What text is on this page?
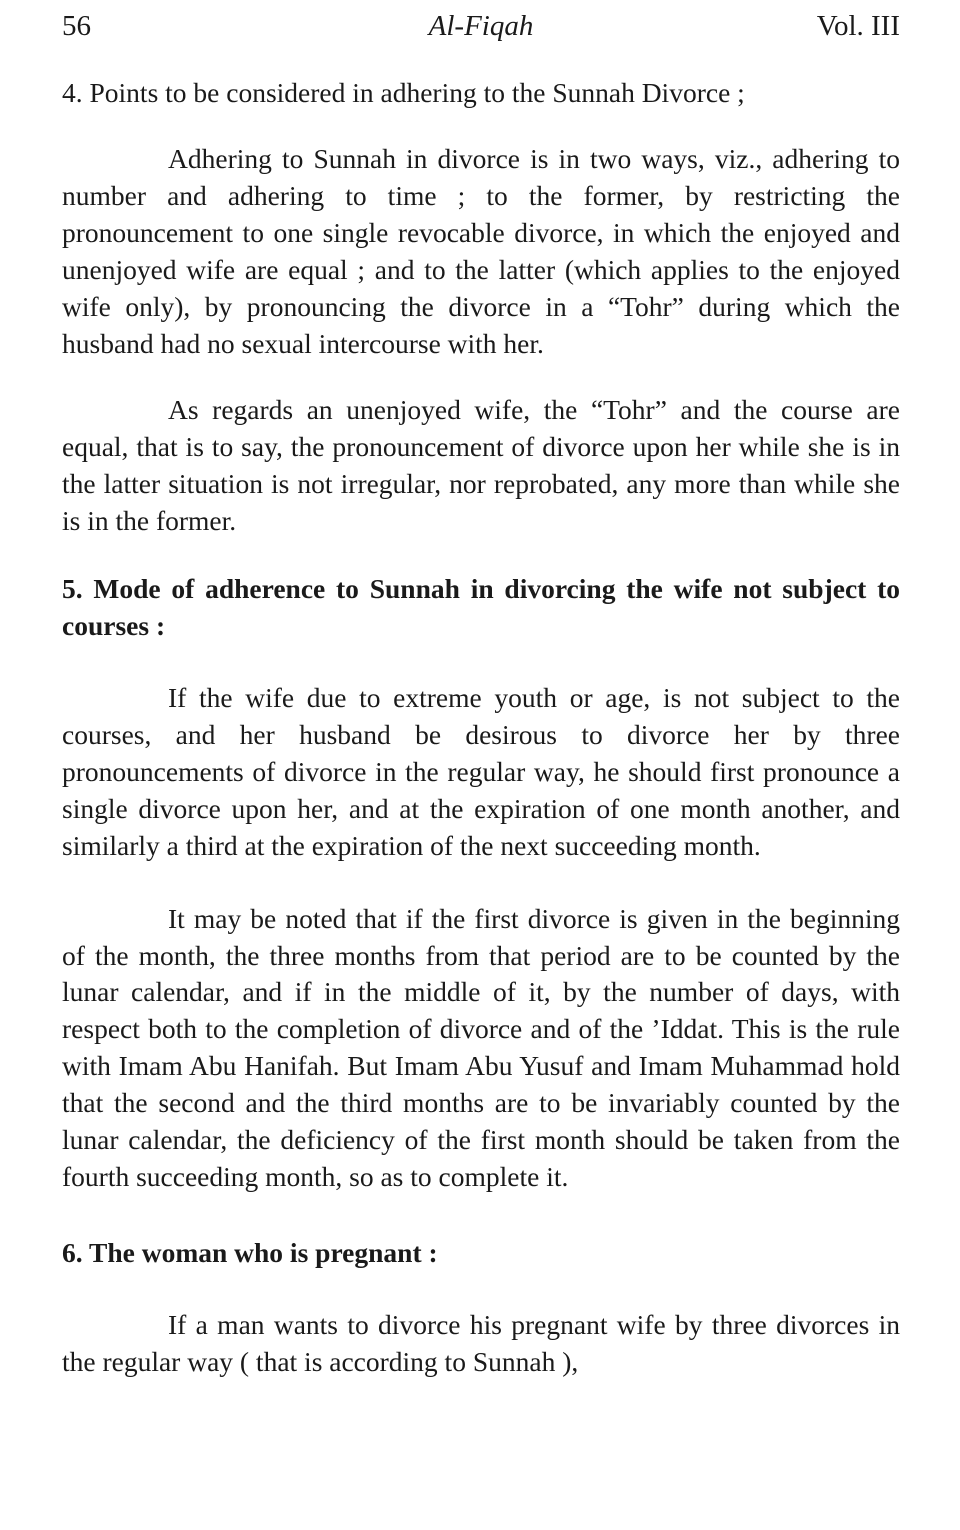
56	Al-Fiqah	Vol. III
4. Points to be considered in adhering to the Sunnah Divorce ;

Adhering to Sunnah in divorce is in two ways, viz., adhering to number and adhering to time ; to the former, by restricting the pronouncement to one single revocable divorce, in which the enjoyed and unenjoyed wife are equal ; and to the latter (which applies to the enjoyed wife only), by pronouncing the divorce in a “Tohr” during which the husband had no sexual intercourse with her.

As regards an unenjoyed wife, the “Tohr” and the course are equal, that is to say, the pronouncement of divorce upon her while she is in the latter situation is not irregular, nor reprobated, any more than while she is in the former.

5. Mode of adherence to Sunnah in divorcing the wife not subject to courses :

If the wife due to extreme youth or age, is not subject to the courses, and her husband be desirous to divorce her by three pronouncements of divorce in the regular way, he should first pronounce a single divorce upon her, and at the expiration of one month another, and similarly a third at the expiration of the next succeeding month.

It may be noted that if the first divorce is given in the beginning of the month, the three months from that period are to be counted by the lunar calendar, and if in the middle of it, by the number of days, with respect both to the completion of divorce and of the ’Iddat. This is the rule with Imam Abu Hanifah. But Imam Abu Yusuf and Imam Muhammad hold that the second and the third months are to be invariably counted by the lunar calendar, the deficiency of the first month should be taken from the fourth succeeding month, so as to complete it.

6. The woman who is pregnant :

If a man wants to divorce his pregnant wife by three divorces in the regular way ( that is according to Sunnah ),
